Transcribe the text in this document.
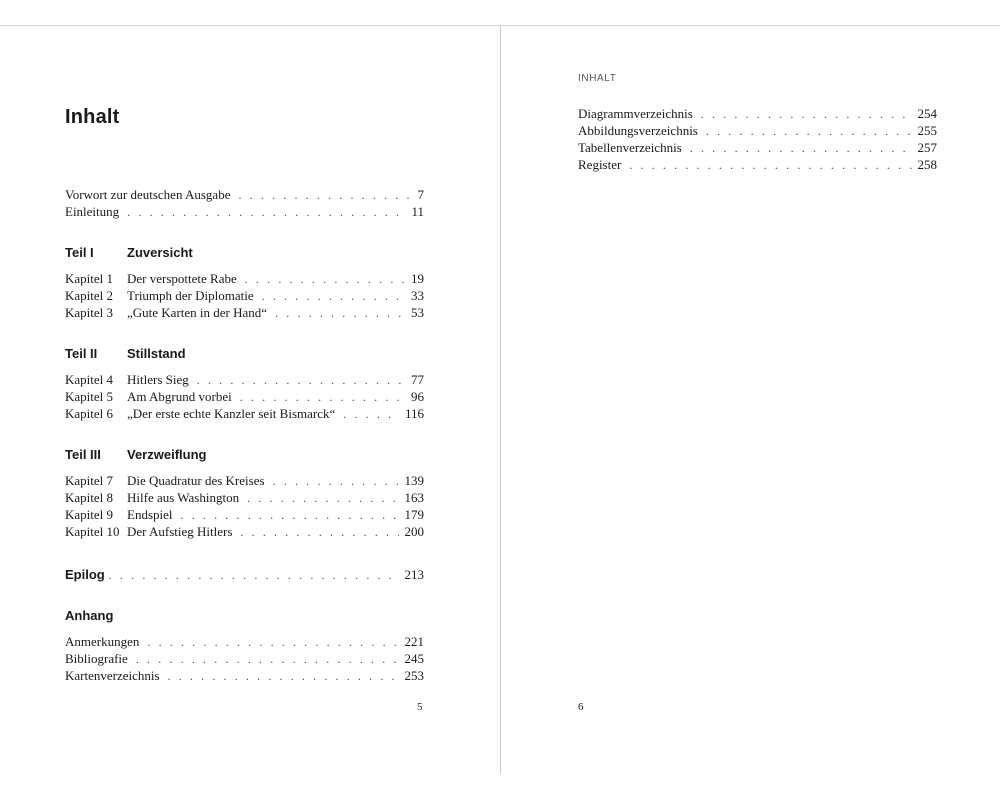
Inhalt
Vorwort zur deutschen Ausgabe . . .	7
Einleitung . . .	11
Teil I	Zuversicht
Kapitel 1	Der verspottete Rabe . . .	19
Kapitel 2	Triumph der Diplomatie . . .	33
Kapitel 3	„Gute Karten in der Hand“ . . .	53
Teil II	Stillstand
Kapitel 4	Hitlers Sieg . . .	77
Kapitel 5	Am Abgrund vorbei . . .	96
Kapitel 6	„Der erste echte Kanzler seit Bismarck“ . . .	116
Teil III	Verzweiflung
Kapitel 7	Die Quadratur des Kreises . . .	139
Kapitel 8	Hilfe aus Washington . . .	163
Kapitel 9	Endspiel . . .	179
Kapitel 10 Der Aufstieg Hitlers . . .	200
Epilog . . .	213
Anhang
Anmerkungen . . .	221
Bibliografie . . .	245
Kartenverzeichnis . . .	253
5
INHALT
Diagrammverzeichnis . . .	254
Abbildungsverzeichnis . . .	255
Tabellenverzeichnis . . .	257
Register . . .	258
6
